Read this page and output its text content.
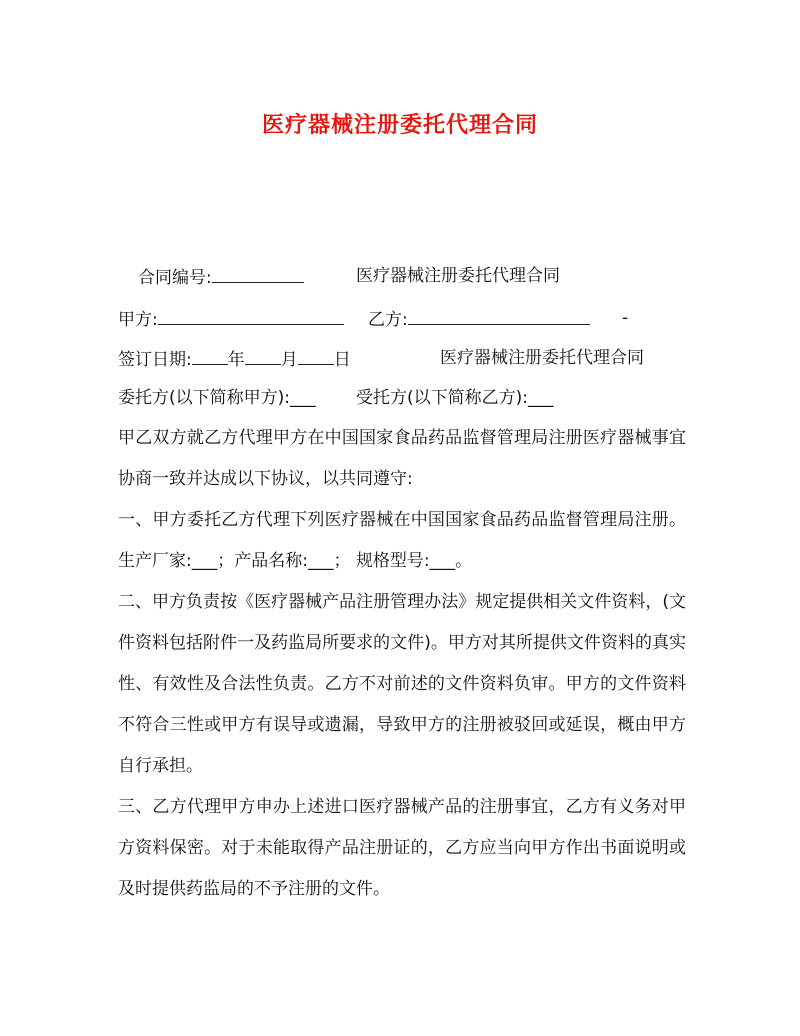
医疗器械注册委托代理合同
合同编号:	医疗器械注册委托代理合同
甲方:	乙方:	-
签订日期: 年 月 日	医疗器械注册委托代理合同
委托方(以下简称甲方):___ 受托方(以下简称乙方):___
甲乙双方就乙方代理甲方在中国国家食品药品监督管理局注册医疗器械事宜协商一致并达成以下协议，以共同遵守:
一、甲方委托乙方代理下列医疗器械在中国国家食品药品监督管理局注册。 生产厂家:___；产品名称:___； 规格型号:___。
二、甲方负责按《医疗器械产品注册管理办法》规定提供相关文件资料，(文件资料包括附件一及药监局所要求的文件)。甲方对其所提供文件资料的真实性、有效性及合法性负责。乙方不对前述的文件资料负审。甲方的文件资料不符合三性或甲方有误导或遗漏，导致甲方的注册被驳回或延误，概由甲方自行承担。
三、乙方代理甲方申办上述进口医疗器械产品的注册事宜，乙方有义务对甲方资料保密。对于未能取得产品注册证的，乙方应当向甲方作出书面说明或及时提供药监局的不予注册的文件。
